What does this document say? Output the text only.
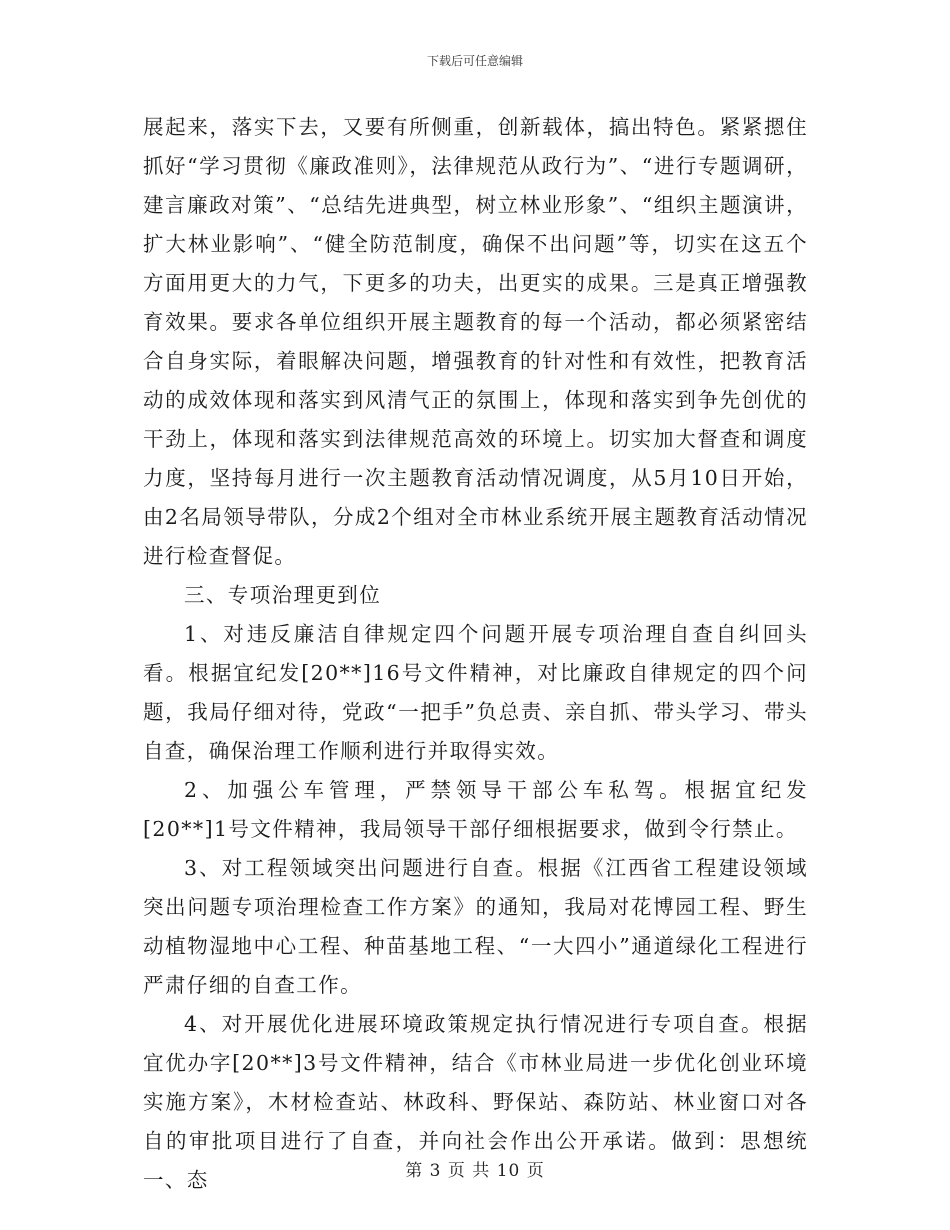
下载后可任意编辑

展起来，落实下去，又要有所侧重，创新载体，搞出特色。紧紧摁住抓好“学习贯彻《廉政准则》，法律规范从政行为”、“进行专题调研，建言廉政对策”、“总结先进典型，树立林业形象”、“组织主题演讲，扩大林业影响”、“健全防范制度，确保不出问题”等，切实在这五个方面用更大的力气，下更多的功夫，出更实的成果。三是真正增强教育效果。要求各单位组织开展主题教育的每一个活动，都必须紧密结合自身实际，着眼解决问题，增强教育的针对性和有效性，把教育活动的成效体现和落实到风清气正的氛围上，体现和落实到争先创优的干劲上，体现和落实到法律规范高效的环境上。切实加大督查和调度力度，坚持每月进行一次主题教育活动情况调度，从5月10日开始，由2名局领导带队，分成2个组对全市林业系统开展主题教育活动情况进行检查督促。

三、专项治理更到位

1、对违反廉洁自律规定四个问题开展专项治理自查自纠回头看。根据宜纪发[20**]16号文件精神，对比廉政自律规定的四个问题，我局仔细对待，党政“一把手”负总责、亲自抓、带头学习、带头自查，确保治理工作顺利进行并取得实效。

2、加强公车管理，严禁领导干部公车私驾。根据宜纪发[20**]1号文件精神，我局领导干部仔细根据要求，做到令行禁止。

3、对工程领域突出问题进行自查。根据《江西省工程建设领域突出问题专项治理检查工作方案》的通知，我局对花博园工程、野生动植物湿地中心工程、种苗基地工程、“一大四小”通道绿化工程进行严肃仔细的自查工作。

4、对开展优化进展环境政策规定执行情况进行专项自查。根据宜优办字[20**]3号文件精神，结合《市林业局进一步优化创业环境实施方案》，木材检查站、林政科、野保站、森防站、林业窗口对各自的审批项目进行了自查，并向社会作出公开承诺。做到：思想统一、态	第 3 页 共 10 页
